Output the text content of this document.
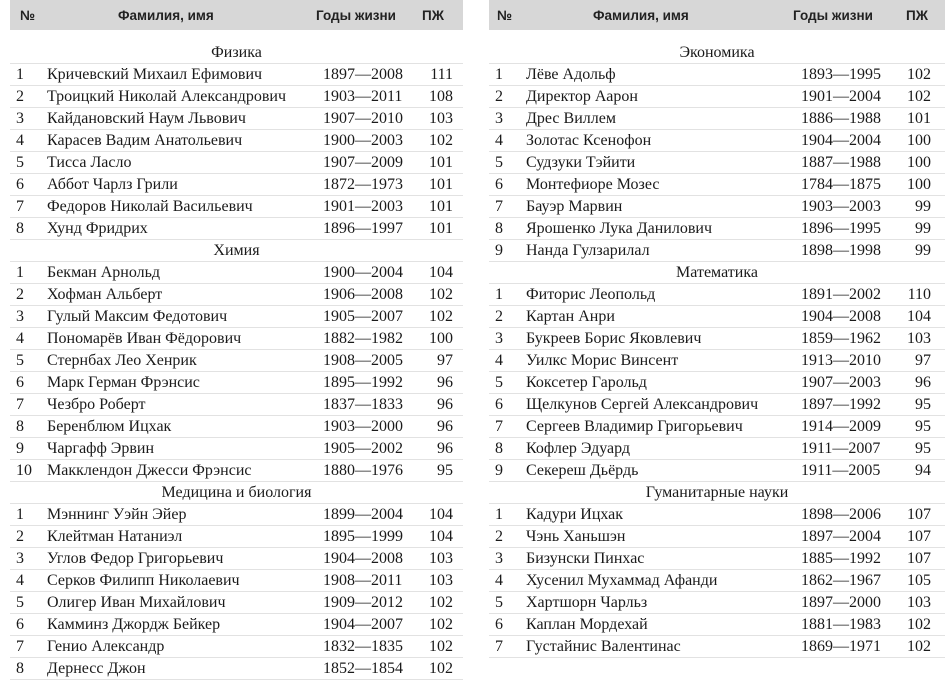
№	Фамилия, имя	Годы жизни ПЖ
Физика
1 Кричевский Михаил Ефимович	1897—2008 111
2 Троицкий Николай Александрович 1903—2011 108
3 Кайдановский Наум Львович	1907—2010 103
4 Карасев Вадим Анатольевич	1900—2003 102
5 Тисса Ласло	1907—2009 101
6 Аббот Чарлз Грили	1872—1973 101
7 Федоров Николай Васильевич	1901—2003 101
8 Хунд Фридрих	1896—1997 101
Химия
1 Бекман Арнольд	1900—2004 104
2 Хофман Альберт	1906—2008 102
3 Гулый Максим Федотович	1905—2007 102
4 Пономарёв Иван Фёдорович	1882—1982 100
5 Стернбах Лео Хенрик	1908—2005 97
6 Марк Герман Фрэнсис	1895—1992 96
7 Чезбро Роберт	1837—1833 96
8 Беренблюм Ицхак	1903—2000 96
9 Чаргафф Эрвин	1905—2002 96
10 Макклендон Джесси Фрэнсис	1880—1976 95
Медицина и биология
1 Мэннинг Уэйн Эйер	1899—2004 104
2 Клейтман Натаниэл	1895—1999 104
3 Углов Федор Григорьевич	1904—2008 103
4 Серков Филипп Николаевич	1908—2011 103
5 Олигер Иван Михайлович	1909—2012 102
6 Камминз Джордж Бейкер	1904—2007 102
7 Генио Александр	1832—1835 102
8 Дернесс Джон	1852—1854 102
№	Фамилия, имя	Годы жизни ПЖ
Экономика
1 Лёве Адольф	1893—1995 102
2 Директор Аарон	1901—2004 102
3 Дрес Виллем	1886—1988 101
4 Золотас Ксенофон	1904—2004 100
5 Судзуки Тэйити	1887—1988 100
6 Монтефиоре Мозес	1784—1875 100
7 Бауэр Марвин	1903—2003 99
8 Ярошенко Лука Данилович	1896—1995 99
9 Нанда Гулзарилал	1898—1998 99
Математика
1 Фиторис Леопольд	1891—2002 110
2 Картан Анри	1904—2008 104
3 Букреев Борис Яковлевич	1859—1962 103
4 Уилкс Морис Винсент	1913—2010 97
5 Коксетер Гарольд	1907—2003 96
6 Щелкунов Сергей Александрович	1897—1992 95
7 Сергеев Владимир Григорьевич	1914—2009 95
8 Кофлер Эдуард	1911—2007 95
9 Секереш Дьёрдь	1911—2005 94
Гуманитарные науки
1 Кадури Ицхак	1898—2006 107
2 Чэнь Ханьшэн	1897—2004 107
3 Бизунски Пинхас	1885—1992 107
4 Хусенил Мухаммад Афанди	1862—1967 105
5 Хартшорн Чарльз	1897—2000 103
6 Каплан Мордехай	1881—1983 102
7 Густайнис Валентинас	1869—1971 102
